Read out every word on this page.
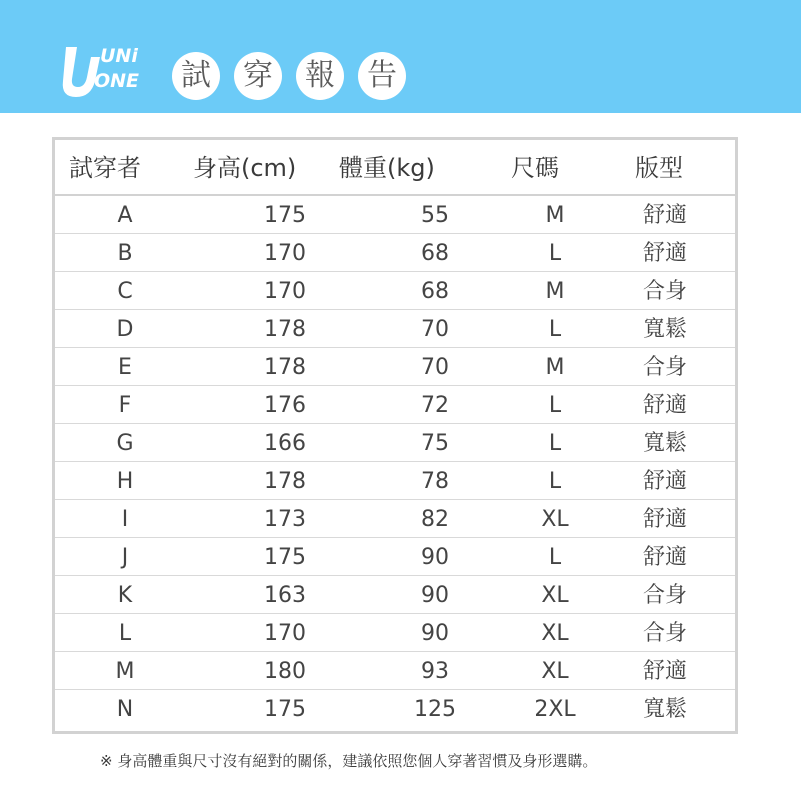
UNi
ONE	試	穿	報	告
試穿者 身高(cm) 體重(kg)	尺碼	版型
A	175	55	M	舒適
B	170	68	L	舒適
C	170	68	M	合身
D	178	70	L	寬鬆
E	178	70	M	合身
F	176	72	L	舒適
G	166	75	L	寬鬆
H	178	78	L	舒適
I	173	82	XL	舒適
J	175	90	L	舒適
K	163	90	XL	合身
L	170	90	XL	合身
M	180	93	XL	舒適
N	175	125	2XL	寬鬆
※ 身高體重與尺寸沒有絕對的關係，建議依照您個人穿著習慣及身形選購。
